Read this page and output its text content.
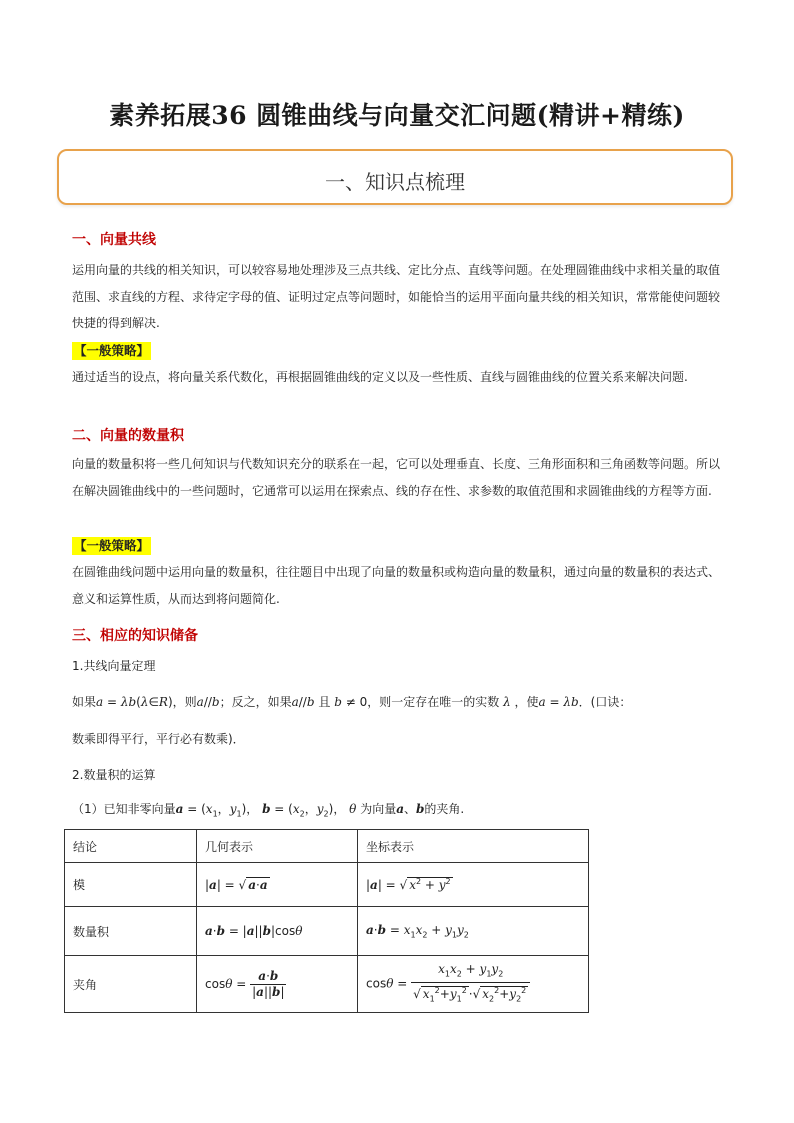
素养拓展36 圆锥曲线与向量交汇问题(精讲+精练)
一、知识点梳理
一、向量共线
运用向量的共线的相关知识，可以较容易地处理涉及三点共线、定比分点、直线等问题。在处理圆锥曲线中求相关量的取值范围、求直线的方程、求待定字母的值、证明过定点等问题时，如能恰当的运用平面向量共线的相关知识，常常能使问题较快捷的得到解决.
【一般策略】
通过适当的设点，将向量关系代数化，再根据圆锥曲线的定义以及一些性质、直线与圆锥曲线的位置关系来解决问题.
二、向量的数量积
向量的数量积将一些几何知识与代数知识充分的联系在一起，它可以处理垂直、长度、三角形面积和三角函数等问题。所以在解决圆锥曲线中的一些问题时，它通常可以运用在探索点、线的存在性、求参数的取值范围和求圆锥曲线的方程等方面.
【一般策略】
在圆锥曲线问题中运用向量的数量积，往往题目中出现了向量的数量积或构造向量的数量积，通过向量的数量积的表达式、意义和运算性质，从而达到将问题简化.
三、相应的知识储备
1.共线向量定理
如果a = λb(λ∈R)，则a//b；反之，如果a//b 且 b ≠ 0，则一定存在唯一的实数 λ ，使a = λb．(口诀：
数乘即得平行，平行必有数乘)．
2.数量积的运算
（1）已知非零向量$a = (x_1$，$y_1$)， $b = (x_2$，$y_2$)， θ 为向量a、b的夹角.
结论	几何表示	坐标表示
模	|a| = √ a·a	|a| = √ $x^2 + y^2$
数量积	a·b = |a||b|cosθ	$a\cdot b = x_1x_2 + y_1y_2$
夹角	$\cos\theta = \frac{a\cdot b}{|a||b|}$	$\cos\theta = \frac{x_1x_2 + y_1y_2}{√ x_1^2+y_1^2 \cdot√ x_2^2+y_2^2}$
